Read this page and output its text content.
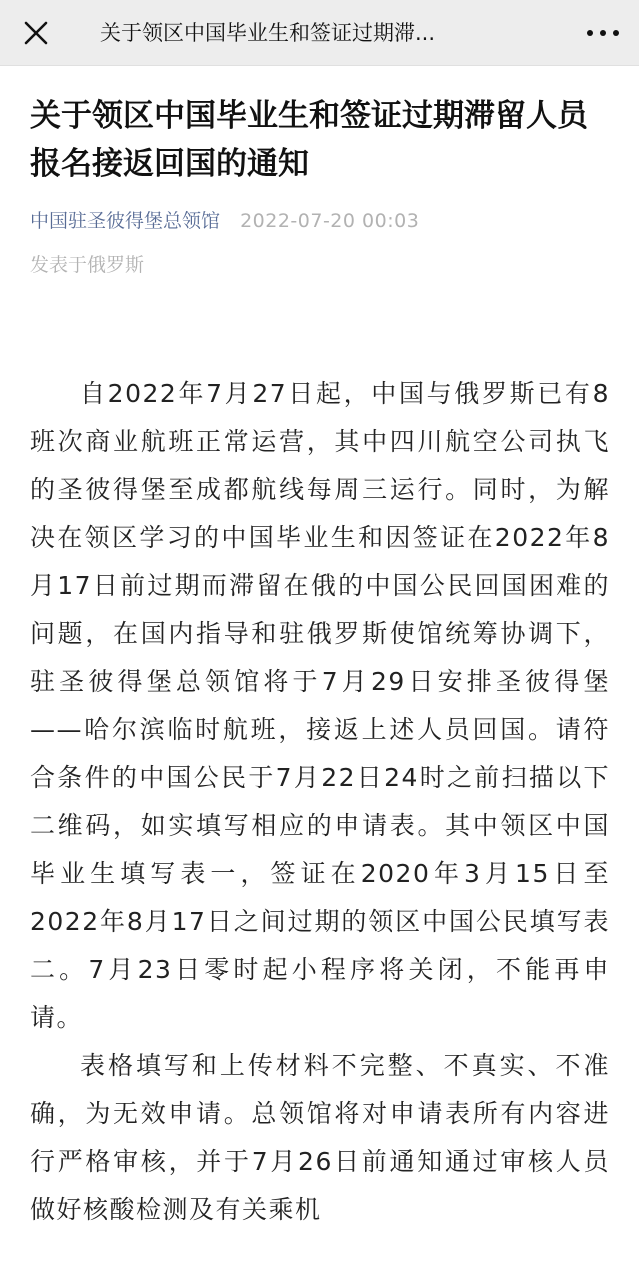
关于领区中国毕业生和签证过期滞...
关于领区中国毕业生和签证过期滞留人员报名接返回国的通知
中国驻圣彼得堡总领馆 2022-07-20 00:03
发表于俄罗斯

自2022年7月27日起，中国与俄罗斯已有8班次商业航班正常运营，其中四川航空公司执飞的圣彼得堡至成都航线每周三运行。同时，为解决在领区学习的中国毕业生和因签证在2022年8月17日前过期而滞留在俄的中国公民回国困难的问题，在国内指导和驻俄罗斯使馆统筹协调下，驻圣彼得堡总领馆将于7月29日安排圣彼得堡——哈尔滨临时航班，接返上述人员回国。请符合条件的中国公民于7月22日24时之前扫描以下二维码，如实填写相应的申请表。其中领区中国毕业生填写表一，签证在2020年3月15日至2022年8月17日之间过期的领区中国公民填写表二。7月23日零时起小程序将关闭，不能再申请。

表格填写和上传材料不完整、不真实、不准确，为无效申请。总领馆将对申请表所有内容进行严格审核，并于7月26日前通知通过审核人员做好核酸检测及有关乘机
